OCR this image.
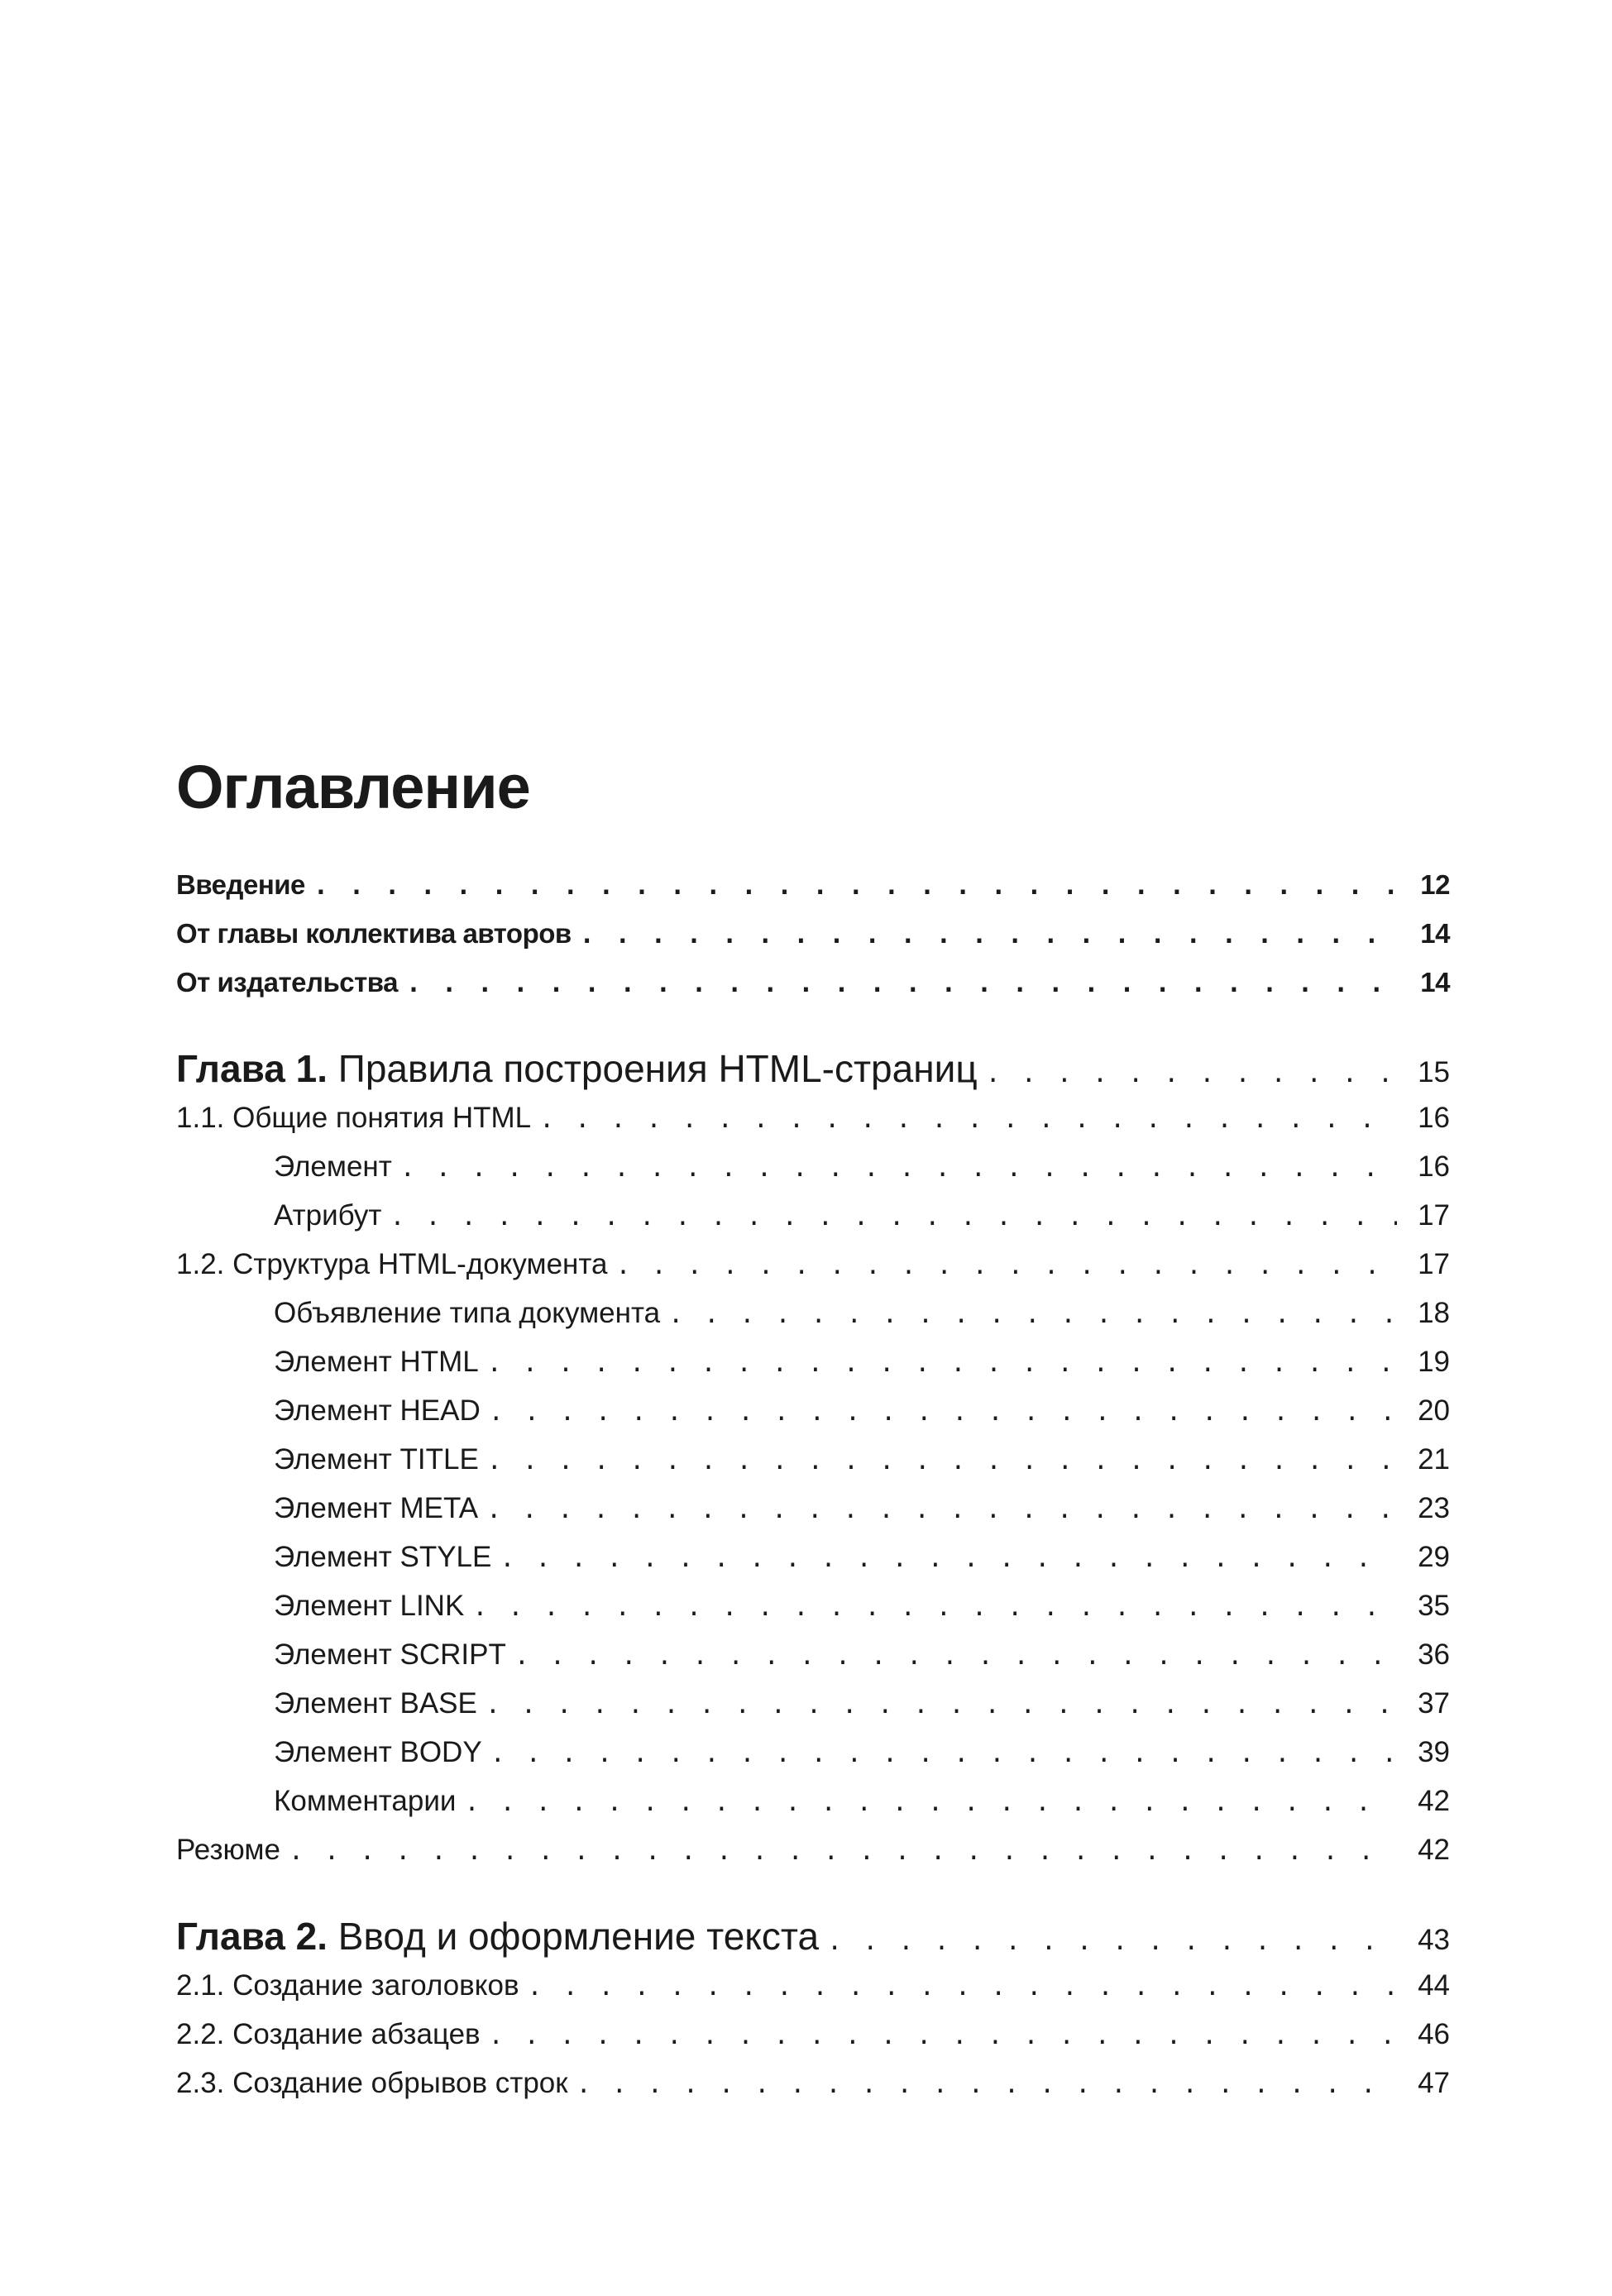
Оглавление
Введение . . .	12
От главы коллектива авторов . . .	14
От издательства . . .	14
Глава 1. Правила построения HTML-страниц . . .	15
1.1. Общие понятия HTML . . .	16
Элемент . . .	16
Атрибут . . .	17
1.2. Структура HTML-документа . . .	17
Объявление типа документа . . .	18
Элемент HTML . . .	19
Элемент HEAD . . .	20
Элемент TITLE . . .	21
Элемент META . . .	23
Элемент STYLE . . .	29
Элемент LINK . . .	35
Элемент SCRIPT . . .	36
Элемент BASE . . .	37
Элемент BODY . . .	39
Комментарии . . .	42
Резюме . . .	42
Глава 2. Ввод и оформление текста . . .	43
2.1. Создание заголовков . . .	44
2.2. Создание абзацев . . .	46
2.3. Создание обрывов строк . . .	47
